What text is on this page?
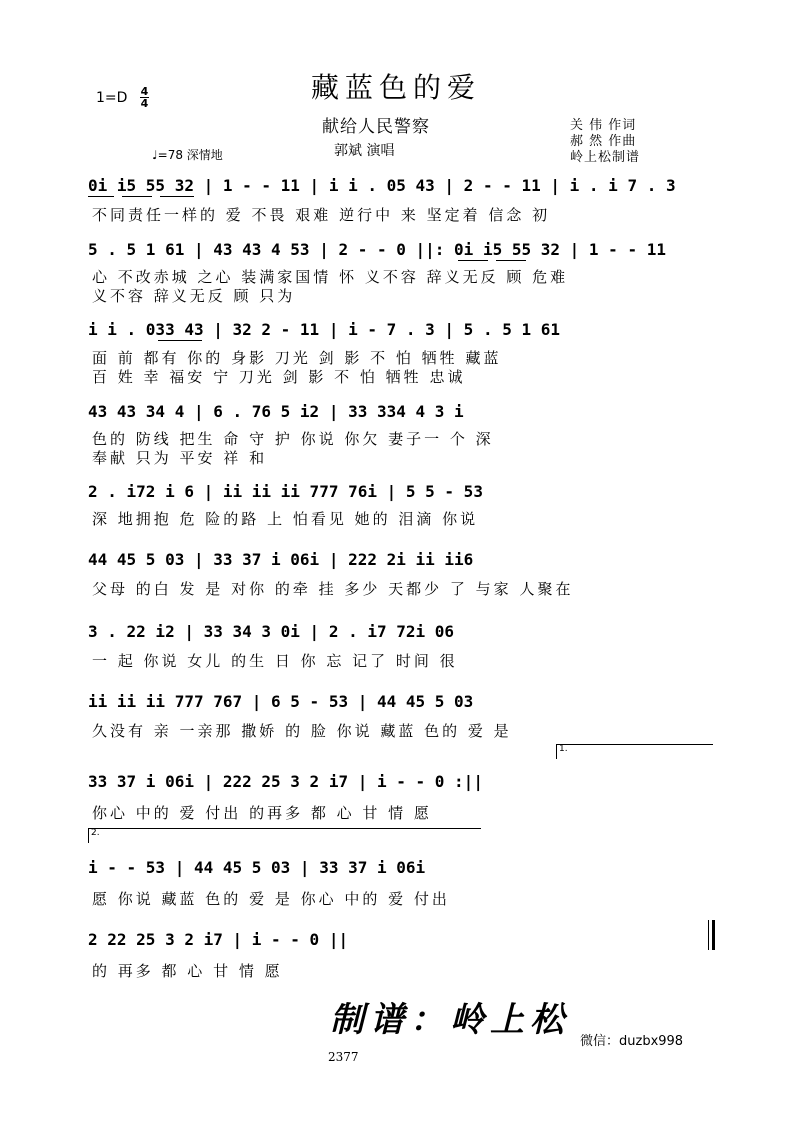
藏蓝色的爱
1=D 4
4
献给人民警察
郭斌 演唱
关 伟 作词
郝 然 作曲
岭上松制谱
♩=78 深情地
0i i5 55 32 | 1 - - 11 | i i . 05 43 | 2 - - 11 | i . i 7 . 3
不同责任一样的 爱 不畏 艰难 逆行中 来 坚定着 信念 初
5 . 5 1 61 | 43 43 4 53 | 2 - - 0 ||: 0i i5 55 32 | 1 - - 11
心 不改赤城 之心 装满家国情 怀 义不容 辞义无反 顾 危难
义不容 辞义无反 顾 只为
i i . 033 43 | 32 2 - 11 | i - 7 . 3 | 5 . 5 1 61
面 前 都有 你的 身影 刀光 剑 影 不 怕 牺牲 藏蓝
百 姓 幸 福安 宁 刀光 剑 影 不 怕 牺牲 忠诚
43 43 34 4 | 6 . 76 5 i2 | 33 334 4 3 i
色的 防线 把生 命 守 护 你说 你欠 妻子一 个 深
奉献 只为 平安 祥 和
2 . i72 i 6 | ii ii ii 777 76i | 5 5 - 53
深 地拥抱 危 险的路 上 怕看见 她的 泪滴 你说
44 45 5 03 | 33 37 i 06i | 222 2i ii ii6
父母 的白 发 是 对你 的牵 挂 多少 天都少 了 与家 人聚在
3 . 22 i2 | 33 34 3 0i | 2 . i7 72i 06
一 起 你说 女儿 的生 日 你 忘 记了 时间 很
ii ii ii 777 767 | 6 5 - 53 | 44 45 5 03
久没有 亲 一亲那 撒娇 的 脸 你说 藏蓝 色的 爱 是
1.
33 37 i 06i | 222 25 3 2 i7 | i - - 0 :||
你心 中的 爱 付出 的再多 都 心 甘 情 愿
2.
i - - 53 | 44 45 5 03 | 33 37 i 06i
愿 你说 藏蓝 色的 爱 是 你心 中的 爱 付出
2 22 25 3 2 i7 | i - - 0 ||
的 再多 都 心 甘 情 愿
制谱：岭上松
微信：duzbx998
2377
